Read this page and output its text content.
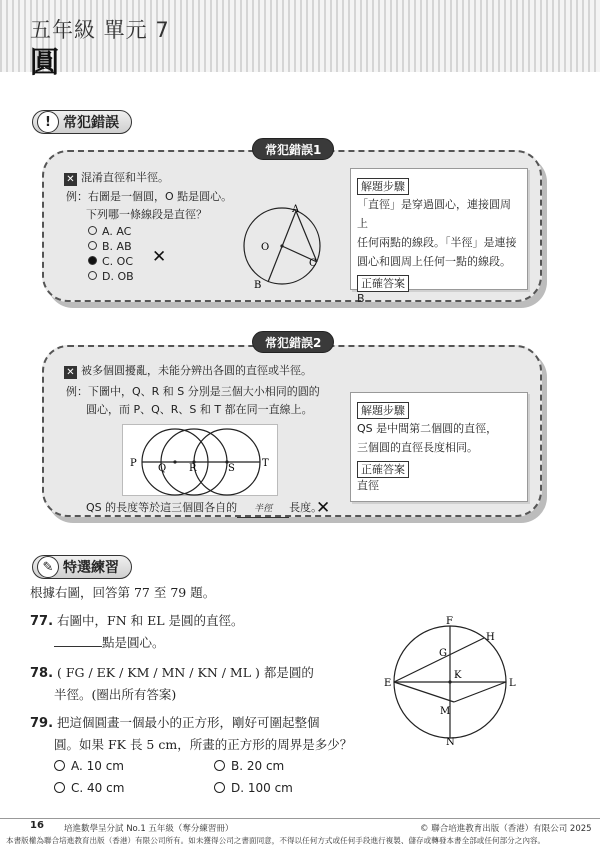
五年級 單元 7
圓
! 常犯錯誤
常犯錯誤1
✕ 混淆直徑和半徑。
例：右圖是一個圓，O 點是圓心。
下列哪一條線段是直徑？
A. AC
B. AB
C. OC
D. OB
✕
A
O
C
B
解題步驟
「直徑」是穿過圓心，連接圓周上
任何兩點的線段。「半徑」是連接
圓心和圓周上任何一點的線段。
正確答案
B
常犯錯誤2
✕ 被多個圓擾亂，未能分辨出各圓的直徑或半徑。
例：下圖中，Q、R 和 S 分別是三個大小相同的圓的
圓心，而 P、Q、R、S 和 T 都在同一直線上。
P Q R	S	T
QS 的長度等於這三個圓各自的 半徑 長度。
✕
解題步驟
QS 是中間第二個圓的直徑，
三個圓的直徑長度相同。
正確答案
直徑
✎ 特選練習
根據右圖，回答第 77 至 79 題。
77. 右圖中，FN 和 EL 是圓的直徑。
點是圓心。
78. ( FG / EK / KM / MN / KN / ML ) 都是圓的
半徑。(圈出所有答案)
79. 把這個圓畫一個最小的正方形，剛好可圍起整個
圓。如果 FK 長 5 cm，所畫的正方形的周界是多少？
A. 10 cm	B. 20 cm
C. 40 cm	D. 100 cm
F
H
G
K
E	L
M
N
16 培進數學呈分試 No.1 五年級（奪分練習冊）	© 聯合培進教育出版（香港）有限公司 2025
本書版權為聯合培進教育出版（香港）有限公司所有。如未獲得公司之書面同意，不得以任何方式或任何手段進行複製、儲存或轉發本書全部或任何部分之內容。
